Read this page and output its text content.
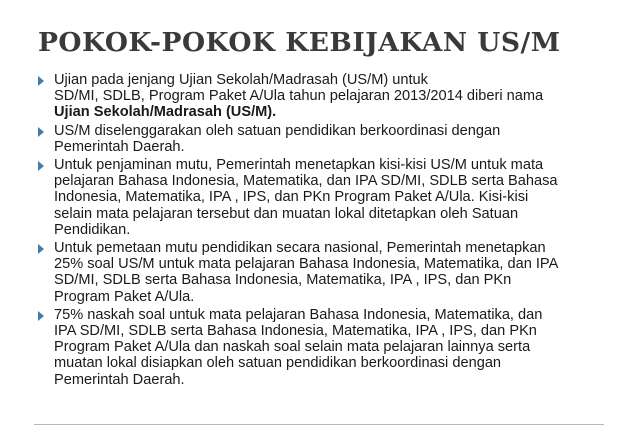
POKOK-POKOK KEBIJAKAN US/M
Ujian pada jenjang Ujian Sekolah/Madrasah (US/M) untuk
SD/MI, SDLB, Program Paket A/Ula tahun pelajaran 2013/2014 diberi nama
Ujian Sekolah/Madrasah (US/M).
US/M diselenggarakan oleh satuan pendidikan berkoordinasi dengan
Pemerintah Daerah.
Untuk penjaminan mutu, Pemerintah menetapkan kisi-kisi US/M untuk mata
pelajaran Bahasa Indonesia, Matematika, dan IPA SD/MI, SDLB serta Bahasa
Indonesia, Matematika, IPA , IPS, dan PKn Program Paket A/Ula. Kisi-kisi
selain mata pelajaran tersebut dan muatan lokal ditetapkan oleh Satuan
Pendidikan.
Untuk pemetaan mutu pendidikan secara nasional, Pemerintah menetapkan
25% soal US/M untuk mata pelajaran Bahasa Indonesia, Matematika, dan IPA
SD/MI, SDLB serta Bahasa Indonesia, Matematika, IPA , IPS, dan PKn
Program Paket A/Ula.
75% naskah soal untuk mata pelajaran Bahasa Indonesia, Matematika, dan
IPA SD/MI, SDLB serta Bahasa Indonesia, Matematika, IPA , IPS, dan PKn
Program Paket A/Ula dan naskah soal selain mata pelajaran lainnya serta
muatan lokal disiapkan oleh satuan pendidikan berkoordinasi dengan
Pemerintah Daerah.
